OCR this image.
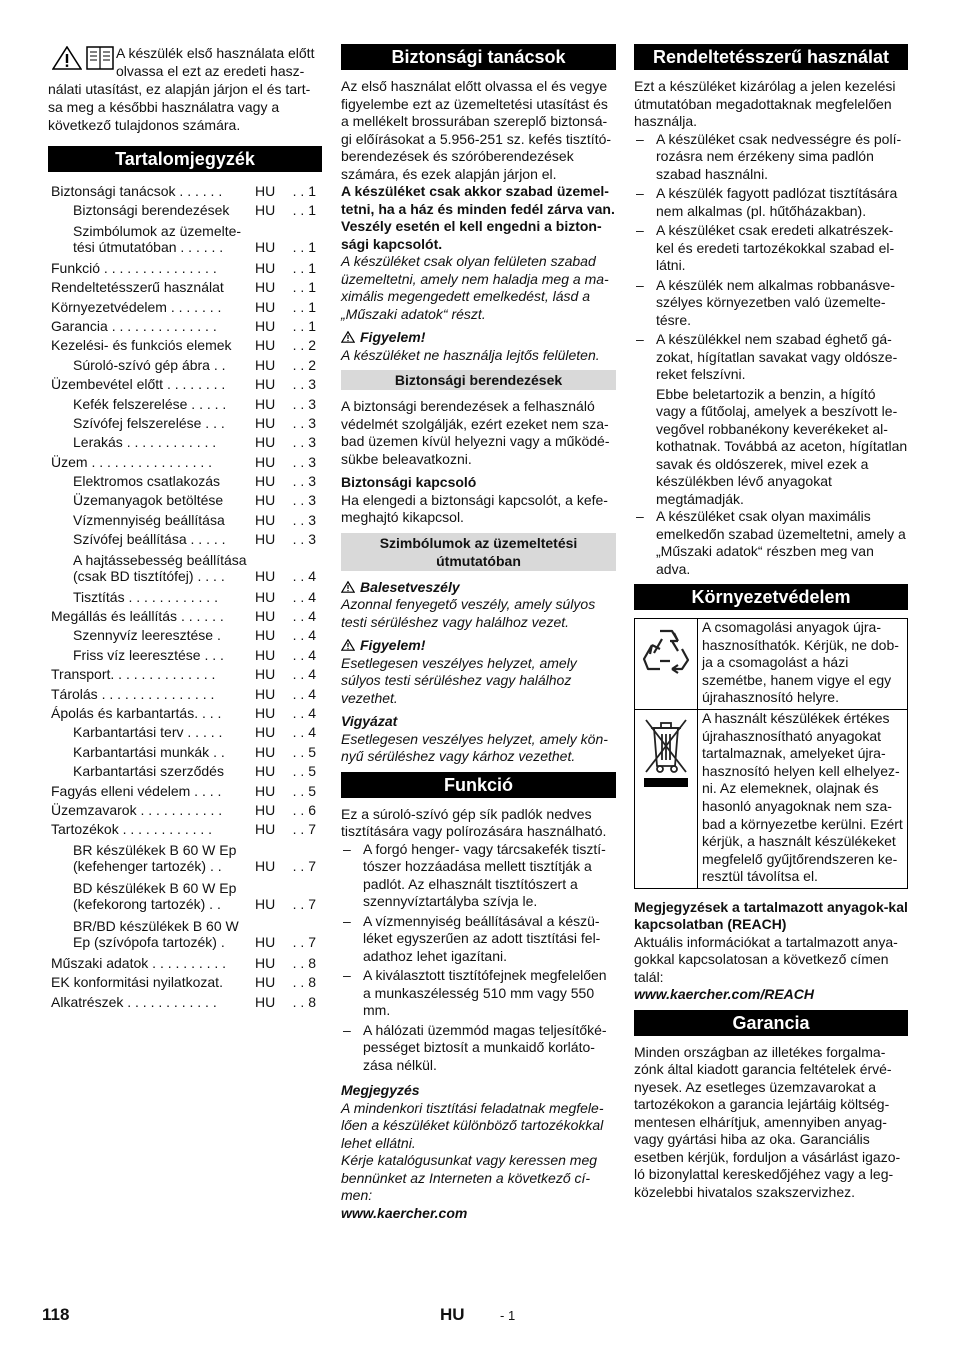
A készülék első használata előtt olvassa el ezt az eredeti hasz-

nálati utasítást, ez alapján járjon el és tart-sa meg a későbbi használatra vagy a következő tulajdonos számára.

Tartalomjegyzék
Biztonsági tanácsok . . . . . .	HU . . 1
Biztonsági berendezések	HU . . 1
Szimbólumok az üzemelte-tési útmutatóban . . . . . .	HU . . 1
Funkció . . . . . . . . . . . . . . .	HU . . 1
Rendeltetésszerű használat	HU . . 1
Környezetvédelem . . . . . . .	HU . . 1
Garancia . . . . . . . . . . . . . .	HU . . 1
Kezelési- és funkciós elemek	HU . . 2
Súroló-szívó gép ábra . .	HU . . 2
Üzembevétel előtt . . . . . . . .	HU . . 3
Kefék felszerelése . . . . .	HU . . 3
Szívófej felszerelése . . .	HU . . 3
Lerakás . . . . . . . . . . . .	HU . . 3
Üzem . . . . . . . . . . . . . . . .	HU . . 3
Elektromos csatlakozás	HU . . 3
Üzemanyagok betöltése	HU . . 3
Vízmennyiség beállítása	HU . . 3
Szívófej beállítása . . . . .	HU . . 3
A hajtássebesség beállítása (csak BD tisztítófej) . . . .	HU . . 4
Tisztítás . . . . . . . . . . . .	HU . . 4
Megállás és leállítás . . . . . .	HU . . 4
Szennyvíz leeresztése .	HU . . 4
Friss víz leeresztése . . .	HU . . 4
Transport. . . . . . . . . . . . . .	HU . . 4
Tárolás . . . . . . . . . . . . . . .	HU . . 4
Ápolás és karbantartás. . . .	HU . . 4
Karbantartási terv . . . . .	HU . . 4
Karbantartási munkák . .	HU . . 5
Karbantartási szerződés	HU . . 5
Fagyás elleni védelem . . . .	HU . . 5
Üzemzavarok . . . . . . . . . . .	HU . . 6
Tartozékok . . . . . . . . . . . .	HU . . 7
BR készülékek B 60 W Ep (kefehenger tartozék) . .	HU . . 7
BD készülékek B 60 W Ep (kefekorong tartozék) . .	HU . . 7
BR/BD készülékek B 60 W Ep (szívópofa tartozék) .	HU . . 7
Műszaki adatok . . . . . . . . . .	HU . . 8
EK konformitási nyilatkozat.	HU . . 8
Alkatrészek . . . . . . . . . . . .	HU . . 8
Biztonsági tanácsok

Az első használat előtt olvassa el és vegye figyelembe ezt az üzemeltetési utasítást és a mellékelt brossurában szereplő biztonsá-gi előírásokat a 5.956-251 sz. kefés tisztító-berendezések és szóróberendezések számára, és ezek alapján járjon el.

A készüléket csak akkor szabad üzemel-tetni, ha a ház és minden fedél zárva van. Veszély esetén el kell engedni a bizton-sági kapcsolót.

A készüléket csak olyan felületen szabad üzemeltetni, amely nem haladja meg a ma-ximális megengedett emelkedést, lásd a „Műszaki adatok“ részt.

Figyelem!

A készüléket ne használja lejtős felületen.

Biztonsági berendezések

A biztonsági berendezések a felhasználó védelmét szolgálják, ezért ezeket nem sza-bad üzemen kívül helyezni vagy a működé-sükbe beleavatkozni.

Biztonsági kapcsoló

Ha elengedi a biztonsági kapcsolót, a kefe-meghajtó kikapcsol.

Szimbólumok az üzemeltetési útmutatóban

Balesetveszély

Azonnal fenyegető veszély, amely súlyos testi sérüléshez vagy halálhoz vezet.

Figyelem!

Esetlegesen veszélyes helyzet, amely súlyos testi sérüléshez vagy halálhoz vezethet.

Vigyázat

Esetlegesen veszélyes helyzet, amely kön-nyű sérüléshez vagy kárhoz vezethet.

Funkció

Ez a súroló-szívó gép sík padlók nedves tisztítására vagy polírozására használható.

– A forgó henger- vagy tárcsakefék tisztí-tószer hozzáadása mellett tisztítják a padlót. Az elhasznált tisztítószert a szennyvíztartályba szívja le.
– A vízmennyiség beállításával a készü-léket egyszerűen az adott tisztítási fel-adathoz lehet igazítani.
– A kiválasztott tisztítófejnek megfelelően a munkaszélesség 510 mm vagy 550 mm.
– A hálózati üzemmód magas teljesítőké-pességet biztosít a munkaidő korláto-zása nélkül.

Megjegyzés

A mindenkori tisztítási feladatnak megfele-lően a készüléket különböző tartozékokkal lehet ellátni.

Kérje katalógusunkat vagy keressen meg bennünket az Interneten a következő cí-men:

www.kaercher.com

Rendeltetésszerű használat

Ezt a készüléket kizárólag a jelen kezelési útmutatóban megadottaknak megfelelően használja.

– A készüléket csak nedvességre és polí-rozásra nem érzékeny sima padlón szabad használni.
– A készülék fagyott padlózat tisztítására nem alkalmas (pl. hűtőházakban).
– A készüléket csak eredeti alkatrészek-kel és eredeti tartozékokkal szabad el-látni.
– A készülék nem alkalmas robbanásve-szélyes környezetben való üzemelte-tésre.
– A készülékkel nem szabad éghető gá-zokat, hígítatlan savakat vagy oldósze-reket felszívni.

Ebbe beletartozik a benzin, a hígító vagy a fűtőolaj, amelyek a beszívott le-vegővel robbanékony keverékeket al-kothatnak. Továbbá az aceton, hígítatlan savak és oldószerek, mivel ezek a készülékben lévő anyagokat megtámadják.

– A készüléket csak olyan maximális emelkedőn szabad üzemeltetni, amely a „Műszaki adatok“ részben meg van adva.
Környezetvédelem
A csomagolási anyagok újra-hasznosíthatók. Kérjük, ne dob-ja a csomagolást a házi szemétbe, hanem vigye el egy újrahasznosító helyre.
A használt készülékek értékes újrahasznosítható anyagokat tartalmaznak, amelyeket újra-hasznosító helyen kell elhelyez-ni. Az elemeknek, olajnak és hasonló anyagoknak nem sza-bad a környezetbe kerülni. Ezért kérjük, a használt készülékeket megfelelő gyűjtőrendszeren ke-resztül távolítsa el.

Megjegyzések a tartalmazott anyagok-kal kapcsolatban (REACH)

Aktuális információkat a tartalmazott anya-gokkal kapcsolatosan a következő címen talál:

www.kaercher.com/REACH

Garancia

Minden országban az illetékes forgalma-zónk által kiadott garancia feltételek érvé-nyesek. Az esetleges üzemzavarokat a tartozékokon a garancia lejártáig költség-mentesen elhárítjuk, amennyiben anyag-vagy gyártási hiba az oka. Garanciális esetben kérjük, forduljon a vásárlást igazo-ló bizonylattal kereskedőjéhez vagy a leg-közelebbi hivatalos szakszervizhez.

118	HU	- 1
